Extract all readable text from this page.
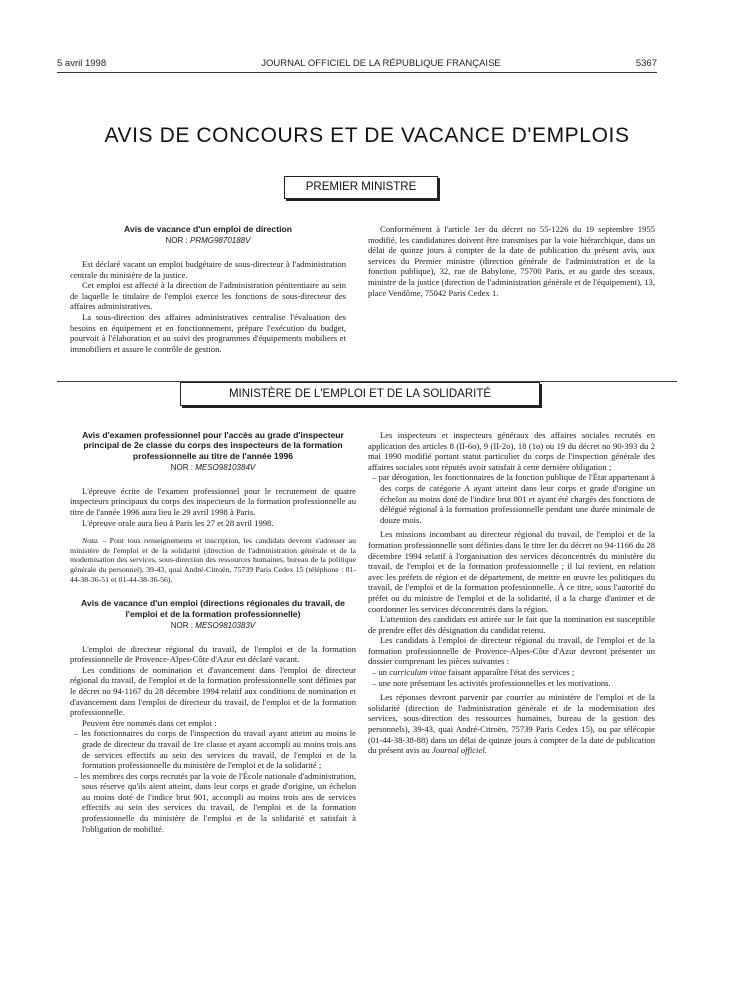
5 avril 1998	JOURNAL OFFICIEL DE LA RÉPUBLIQUE FRANÇAISE	5367
AVIS DE CONCOURS ET DE VACANCE D'EMPLOIS
PREMIER MINISTRE
Avis de vacance d'un emploi de direction
NOR : PRMG9870188V

Est déclaré vacant un emploi budgétaire de sous-directeur à l'administration centrale du ministère de la justice.

Cet emploi est affecté à la direction de l'administration pénitentiaire au sein de laquelle le titulaire de l'emploi exerce les fonctions de sous-directeur des affaires administratives.

La sous-direction des affaires administratives centralise l'évaluation des besoins en équipement et en fonctionnement, prépare l'exécution du budget, pourvoit à l'élaboration et au suivi des programmes d'équipements mobiliers et immobiliers et assure le contrôle de gestion.

Conformément à l'article 1er du décret no 55-1226 du 19 septembre 1955 modifié, les candidatures doivent être transmises par la voie hiérarchique, dans un délai de quinze jours à compter de la date de publication du présent avis, aux services du Premier ministre (direction générale de l'administration et de la fonction publique), 32, rue de Babylone, 75700 Paris, et au garde des sceaux, ministre de la justice (direction de l'administration générale et de l'équipement), 13, place Vendôme, 75042 Paris Cedex 1.

MINISTÈRE DE L'EMPLOI ET DE LA SOLIDARITÉ
Avis d'examen professionnel pour l'accès au grade d'inspecteur principal de 2e classe du corps des inspecteurs de la formation professionnelle au titre de l'année 1996
NOR : MESO9810384V

L'épreuve écrite de l'examen professionnel pour le recrutement de quatre inspecteurs principaux du corps des inspecteurs de la formation professionnelle au titre de l'année 1996 aura lieu le 29 avril 1998 à Paris.

L'épreuve orale aura lieu à Paris les 27 et 28 avril 1998.

Nota. – Pour tous renseignements et inscription, les candidats devront s'adresser au ministère de l'emploi et de la solidarité (direction de l'administration générale et de la modernisation des services, sous-direction des ressources humaines, bureau de la politique générale du personnel), 39-43, quai André-Citroën, 75739 Paris Cedex 15 (téléphone : 01-44-38-36-51 et 01-44-38-36-56).

Avis de vacance d'un emploi (directions régionales du travail, de l'emploi et de la formation professionnelle)
NOR : MESO9810383V

L'emploi de directeur régional du travail, de l'emploi et de la formation professionnelle de Provence-Alpes-Côte d'Azur est déclaré vacant.

Les conditions de nomination et d'avancement dans l'emploi de directeur régional du travail, de l'emploi et de la formation professionnelle sont définies par le décret no 94-1167 du 28 décembre 1994 relatif aux conditions de nomination et d'avancement dans l'emploi de directeur du travail, de l'emploi et de la formation professionnelle.

Peuvent être nommés dans cet emploi :

– les fonctionnaires du corps de l'inspection du travail ayant atteint au moins le grade de directeur du travail de 1re classe et ayant accompli au moins trois ans de services effectifs au sein des services du travail, de l'emploi et de la formation professionnelle du ministère de l'emploi et de la solidarité ;
– les membres des corps recrutés par la voie de l'École nationale d'administration, sous réserve qu'ils aient atteint, dans leur corps et grade d'origine, un échelon au moins doté de l'indice brut 901, accompli au moins trois ans de services effectifs au sein des services du travail, de l'emploi et de la formation professionnelle du ministère de l'emploi et de la solidarité et satisfait à l'obligation de mobilité.

Les inspecteurs et inspecteurs généraux des affaires sociales recrutés en application des articles 8 (II-6o), 9 (II-2o), 18 (1o) ou 19 du décret no 90-393 du 2 mai 1990 modifié portant statut particulier du corps de l'inspection générale des affaires sociales sont réputés avoir satisfait à cette dernière obligation ;

– par dérogation, les fonctionnaires de la fonction publique de l'État appartenant à des corps de catégorie A ayant atteint dans leur corps et grade d'origine un échelon au moins doté de l'indice brut 801 et ayant été chargés des fonctions de délégué régional à la formation professionnelle pendant une durée minimale de douze mois.

Les missions incombant au directeur régional du travail, de l'emploi et de la formation professionnelle sont définies dans le titre Ier du décret no 94-1166 du 28 décembre 1994 relatif à l'organisation des services déconcentrés du ministère du travail, de l'emploi et de la formation professionnelle ; il lui revient, en relation avec les préfets de région et de département, de mettre en œuvre les politiques du travail, de l'emploi et de la formation professionnelle. À ce titre, sous l'autorité du préfet ou du ministre de l'emploi et de la solidarité, il a la charge d'animer et de coordonner les services déconcentrés dans la région.

L'attention des candidats est attirée sur le fait que la nomination est susceptible de prendre effet dès désignation du candidat retenu.

Les candidats à l'emploi de directeur régional du travail, de l'emploi et de la formation professionnelle de Provence-Alpes-Côte d'Azur devront présenter un dossier comprenant les pièces suivantes :

– un curriculum vitae faisant apparaître l'état des services ;
– une note présentant les activités professionnelles et les motivations.

Les réponses devront parvenir par courrier au ministère de l'emploi et de la solidarité (direction de l'administration générale et de la modernisation des services, sous-direction des ressources humaines, bureau de la gestion des personnels), 39-43, quai André-Citroën, 75739 Paris Cedex 15), ou par télécopie (01-44-38-38-88) dans un délai de quinze jours à compter de la date de publication du présent avis au Journal officiel.
